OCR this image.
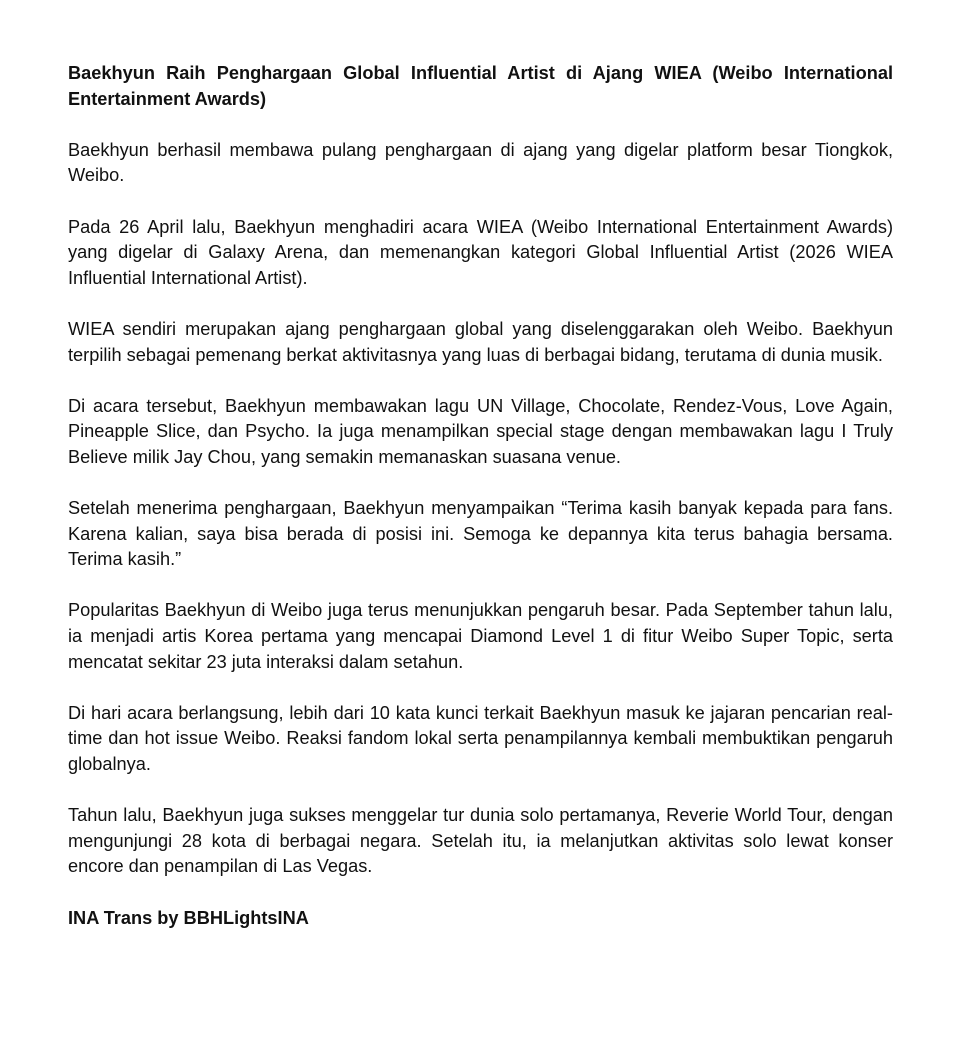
Baekhyun Raih Penghargaan Global Influential Artist di Ajang WIEA (Weibo International Entertainment Awards)

Baekhyun berhasil membawa pulang penghargaan di ajang yang digelar platform besar Tiongkok, Weibo.

Pada 26 April lalu, Baekhyun menghadiri acara WIEA (Weibo International Entertainment Awards) yang digelar di Galaxy Arena, dan memenangkan kategori Global Influential Artist (2026 WIEA Influential International Artist).

WIEA sendiri merupakan ajang penghargaan global yang diselenggarakan oleh Weibo. Baekhyun terpilih sebagai pemenang berkat aktivitasnya yang luas di berbagai bidang, terutama di dunia musik.

Di acara tersebut, Baekhyun membawakan lagu UN Village, Chocolate, Rendez-Vous, Love Again, Pineapple Slice, dan Psycho. Ia juga menampilkan special stage dengan membawakan lagu I Truly Believe milik Jay Chou, yang semakin memanaskan suasana venue.

Setelah menerima penghargaan, Baekhyun menyampaikan “Terima kasih banyak kepada para fans. Karena kalian, saya bisa berada di posisi ini. Semoga ke depannya kita terus bahagia bersama. Terima kasih.”

Popularitas Baekhyun di Weibo juga terus menunjukkan pengaruh besar. Pada September tahun lalu, ia menjadi artis Korea pertama yang mencapai Diamond Level 1 di fitur Weibo Super Topic, serta mencatat sekitar 23 juta interaksi dalam setahun.

Di hari acara berlangsung, lebih dari 10 kata kunci terkait Baekhyun masuk ke jajaran pencarian real-time dan hot issue Weibo. Reaksi fandom lokal serta penampilannya kembali membuktikan pengaruh globalnya.

Tahun lalu, Baekhyun juga sukses menggelar tur dunia solo pertamanya, Reverie World Tour, dengan mengunjungi 28 kota di berbagai negara. Setelah itu, ia melanjutkan aktivitas solo lewat konser encore dan penampilan di Las Vegas.

INA Trans by BBHLightsINA
